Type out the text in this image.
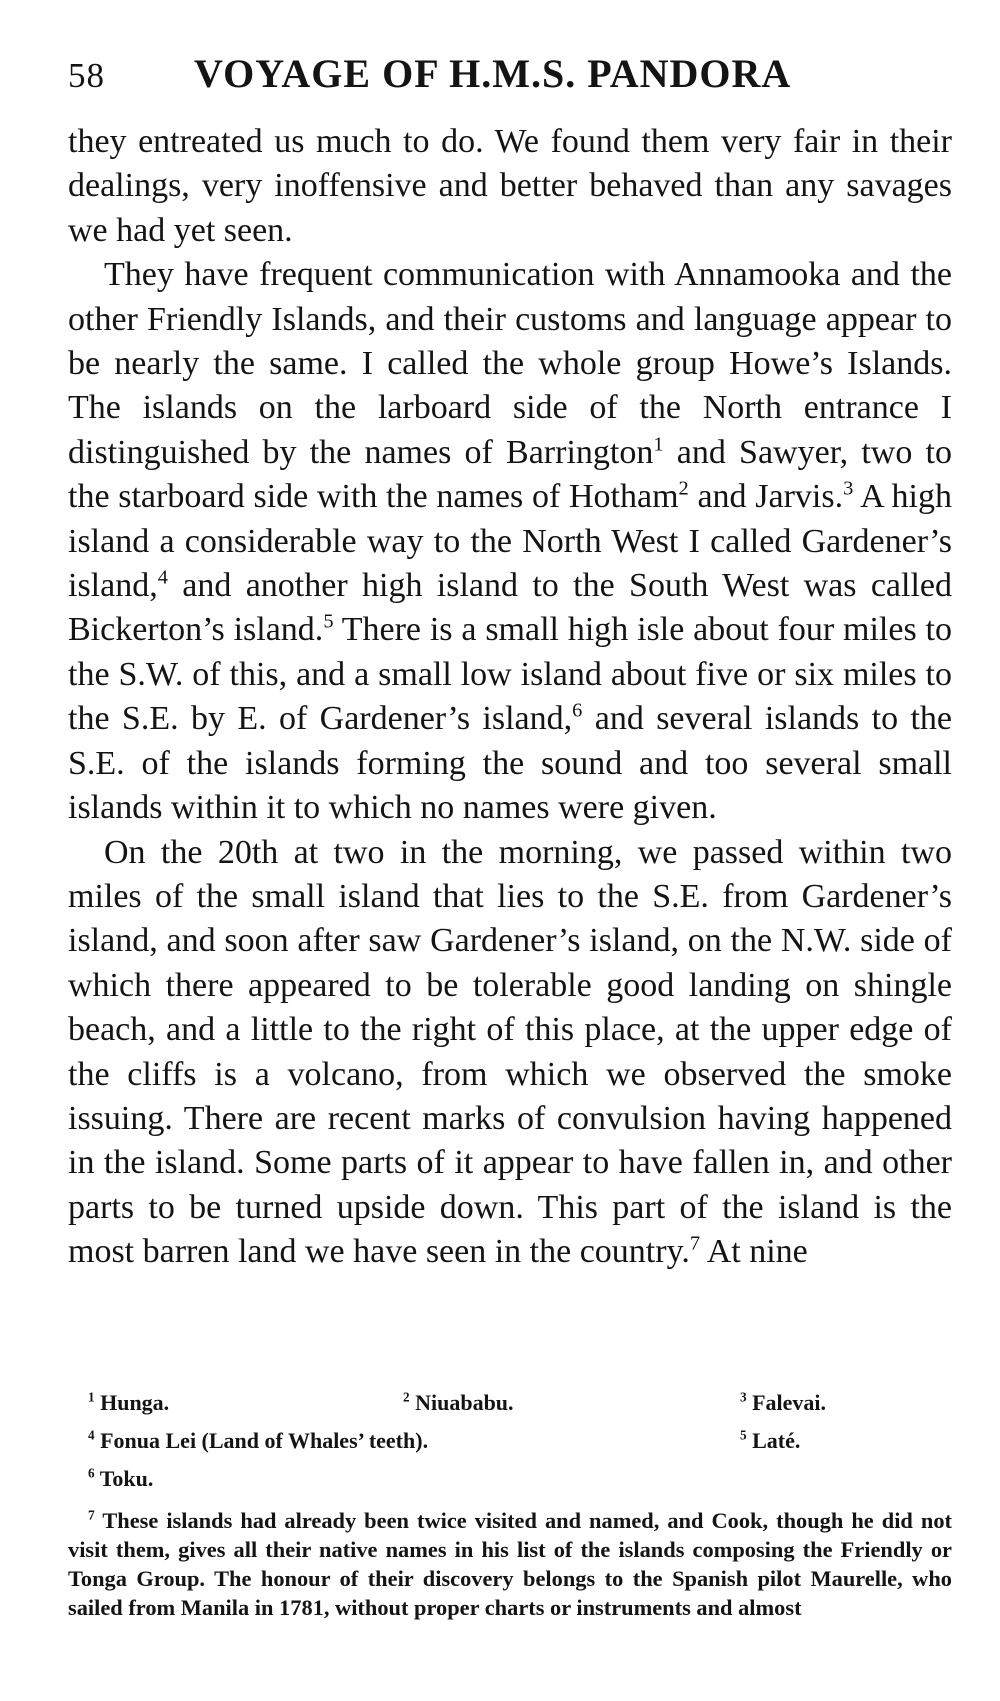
58 VOYAGE OF H.M.S. PANDORA

they entreated us much to do. We found them very fair in their dealings, very inoffensive and better behaved than any savages we had yet seen.

They have frequent communication with Annamooka and the other Friendly Islands, and their customs and language appear to be nearly the same. I called the whole group Howe’s Islands. The islands on the larboard side of the North entrance I distinguished by the names of Barrington$^1$ and Sawyer, two to the starboard side with the names of Hotham$^2$ and Jarvis.$^3$ A high island a considerable way to the North West I called Gardener’s island,$^4$ and another high island to the South West was called Bickerton’s island.$^5$ There is a small high isle about four miles to the S.W. of this, and a small low island about five or six miles to the S.E. by E. of Gardener’s island,$^6$ and several islands to the S.E. of the islands forming the sound and too several small islands within it to which no names were given.

On the 20th at two in the morning, we passed within two miles of the small island that lies to the S.E. from Gardener’s island, and soon after saw Gardener’s island, on the N.W. side of which there appeared to be tolerable good landing on shingle beach, and a little to the right of this place, at the upper edge of the cliffs is a volcano, from which we observed the smoke issuing. There are recent marks of convulsion having happened in the island. Some parts of it appear to have fallen in, and other parts to be turned upside down. This part of the island is the most barren land we have seen in the country.$^7$ At nine

$^1$ Hunga.	$^2$ Niuababu.	$^3$ Falevai.
$^4$ Fonua Lei (Land of Whales’ teeth).	$^5$ Laté.
$^6$ Toku.
$^7$ These islands had already been twice visited and named, and Cook, though he did not visit them, gives all their native names in his list of the islands composing the Friendly or Tonga Group. The honour of their discovery belongs to the Spanish pilot Maurelle, who sailed from Manila in 1781, without proper charts or instruments and almost
